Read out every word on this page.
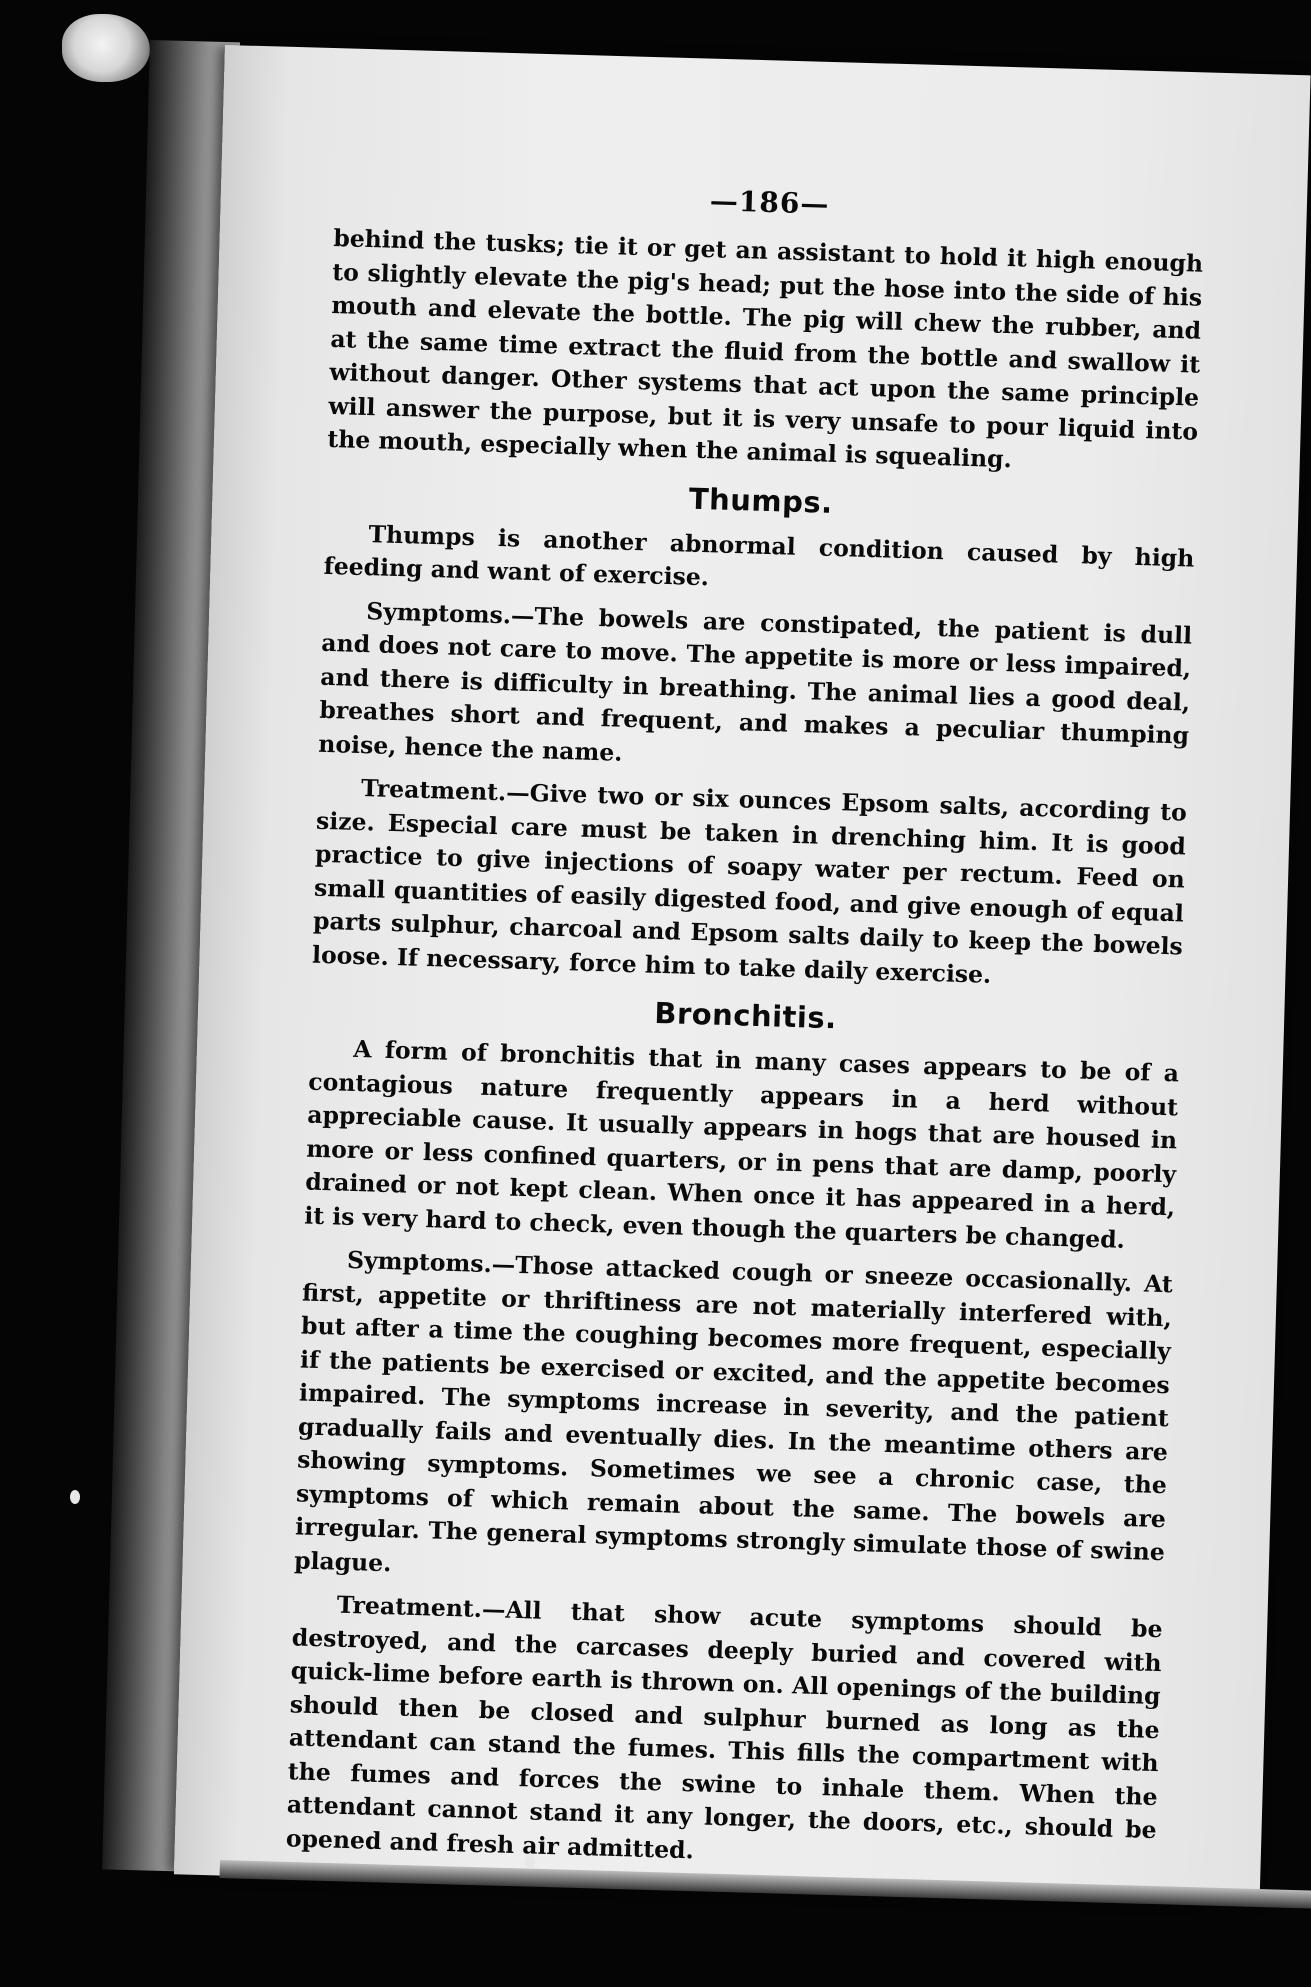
—186—

behind the tusks; tie it or get an assistant to hold it high enough to slightly elevate the pig's head; put the hose into the side of his mouth and elevate the bottle. The pig will chew the rubber, and at the same time extract the fluid from the bottle and swallow it without danger. Other systems that act upon the same principle will answer the purpose, but it is very unsafe to pour liquid into the mouth, especially when the animal is squealing.

Thumps.

Thumps is another abnormal condition caused by high feeding and want of exercise.

Symptoms.—The bowels are constipated, the patient is dull and does not care to move. The appetite is more or less impaired, and there is difficulty in breathing. The animal lies a good deal, breathes short and frequent, and makes a peculiar thumping noise, hence the name.

Treatment.—Give two or six ounces Epsom salts, according to size. Especial care must be taken in drenching him. It is good practice to give injections of soapy water per rectum. Feed on small quantities of easily digested food, and give enough of equal parts sulphur, charcoal and Epsom salts daily to keep the bowels loose. If necessary, force him to take daily exercise.

Bronchitis.

A form of bronchitis that in many cases appears to be of a contagious nature frequently appears in a herd without appreciable cause. It usually appears in hogs that are housed in more or less confined quarters, or in pens that are damp, poorly drained or not kept clean. When once it has appeared in a herd, it is very hard to check, even though the quarters be changed.

Symptoms.—Those attacked cough or sneeze occasionally. At first, appetite or thriftiness are not materially interfered with, but after a time the coughing becomes more frequent, especially if the patients be exercised or excited, and the appetite becomes impaired. The symptoms increase in severity, and the patient gradually fails and eventually dies. In the meantime others are showing symptoms. Sometimes we see a chronic case, the symptoms of which remain about the same. The bowels are irregular. The general symptoms strongly simulate those of swine plague.

Treatment.—All that show acute symptoms should be destroyed, and the carcases deeply buried and covered with quick-lime before earth is thrown on. All openings of the building should then be closed and sulphur burned as long as the attendant can stand the fumes. This fills the compartment with the fumes and forces the swine to inhale them. When the attendant cannot stand it any longer, the doors, etc., should be opened and fresh air admitted.
